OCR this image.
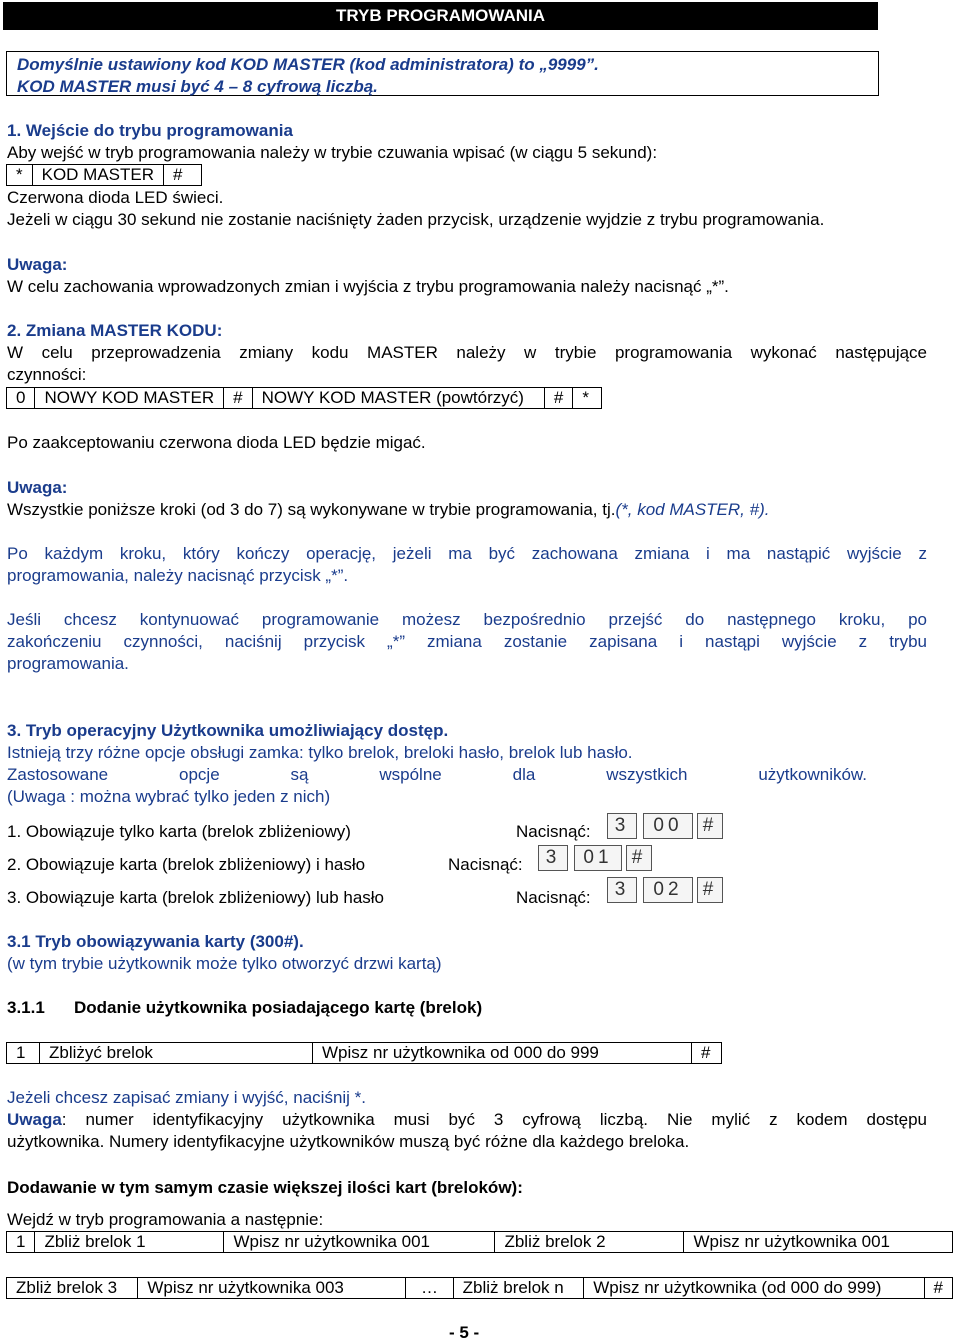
TRYB PROGRAMOWANIA
Domyślnie ustawiony kod KOD MASTER (kod administratora) to „9999”.
KOD MASTER musi być 4 – 8 cyfrową liczbą.
1. Wejście do trybu programowania
Aby wejść w tryb programowania należy w trybie czuwania wpisać (w ciągu 5 sekund):
*	KOD MASTER	#
Czerwona dioda LED świeci.
Jeżeli w ciągu 30 sekund nie zostanie naciśnięty żaden przycisk, urządzenie wyjdzie z trybu programowania.
Uwaga:
W celu zachowania wprowadzonych zmian i wyjścia z trybu programowania należy nacisnąć „*”.
2. Zmiana MASTER KODU:
W celu przeprowadzenia zmiany kodu MASTER należy w trybie programowania wykonać następujące
czynności:
0	NOWY KOD MASTER	#	NOWY KOD MASTER (powtórzyć)	#	*
Po zaakceptowaniu czerwona dioda LED będzie migać.
Uwaga:
Wszystkie poniższe kroki (od 3 do 7) są wykonywane w trybie programowania, tj.(*, kod MASTER, #).
Po każdym kroku, który kończy operację, jeżeli ma być zachowana zmiana i ma nastąpić wyjście z
programowania, należy nacisnąć przycisk „*”.
Jeśli chcesz kontynuować programowanie możesz bezpośrednio przejść do następnego kroku, po
zakończeniu czynności, naciśnij przycisk „*” zmiana zostanie zapisana i nastąpi wyjście z trybu
programowania.
3. Tryb operacyjny Użytkownika umożliwiający dostęp.
Istnieją trzy różne opcje obsługi zamka: tylko brelok, breloki hasło, brelok lub hasło.
Zastosowane opcje są wspólne dla wszystkich użytkowników.
(Uwaga : można wybrać tylko jeden z nich)
1. Obowiązuje tylko karta (brelok zbliżeniowy)	Nacisnąć:	3	00	#
2. Obowiązuje karta (brelok zbliżeniowy) i hasło	Nacisnąć:	3	01	#
3. Obowiązuje karta (brelok zbliżeniowy) lub hasło	Nacisnąć:	3	02	#
3.1 Tryb obowiązywania karty (300#).
(w tym trybie użytkownik może tylko otworzyć drzwi kartą)
3.1.1 Dodanie użytkownika posiadającego kartę (brelok)
1	Zbliżyć brelok	Wpisz nr użytkownika od 000 do 999	#
Jeżeli chcesz zapisać zmiany i wyjść, naciśnij *.
Uwaga: numer identyfikacyjny użytkownika musi być 3 cyfrową liczbą. Nie mylić z kodem dostępu
użytkownika. Numery identyfikacyjne użytkowników muszą być różne dla każdego breloka.
Dodawanie w tym samym czasie większej ilości kart (breloków):
Wejdź w tryb programowania a następnie:
1	Zbliż brelok 1	Wpisz nr użytkownika 001	Zbliż brelok 2	Wpisz nr użytkownika 001
Zbliż brelok 3	Wpisz nr użytkownika 003	…	Zbliż brelok n	Wpisz nr użytkownika (od 000 do 999)	#
- 5 -
